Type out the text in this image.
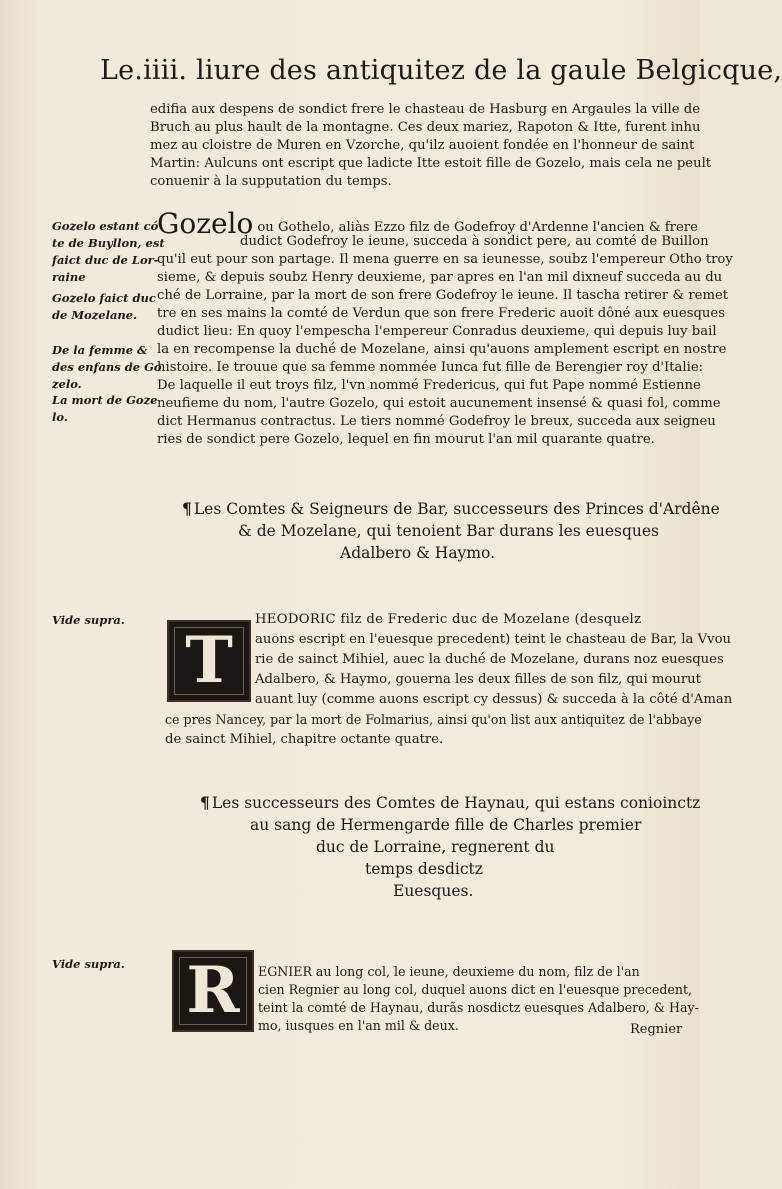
Le.iiii. liure des antiquitez de la gaule Belgicque,
edifia aux despens de sondict frere le chasteau de Hasburg en Argaules la ville de
Bruch au plus hault de la montagne. Ces deux mariez, Rapoton & Itte, furent inhu
mez au cloistre de Muren en Vzorche, qu'ilz auoient fondée en l'honneur de saint
Martin: Aulcuns ont escript que ladicte Itte estoit fille de Gozelo, mais cela ne peult
conuenir à la supputation du temps.
Gozelo estant có
te de Buyllon, est
faict duc de Lor-
raine
Gozelo faict duc
de Mozelane.
De la femme &
des enfans de Go
zelo.
La mort de Goze
lo.
Gozelo ou Gothelo, aliàs Ezzo filz de Godefroy d'Ardenne l'ancien & frere
dudict Godefroy le ieune, succeda à sondict pere, au comté de Buillon
qu'il eut pour son partage. Il mena guerre en sa ieunesse, soubz l'empereur Otho troy
sieme, & depuis soubz Henry deuxieme, par apres en l'an mil dixneuf succeda au du
ché de Lorraine, par la mort de son frere Godefroy le ieune. Il tascha retirer & remet
tre en ses mains la comté de Verdun que son frere Frederic auoit dôné aux euesques
dudict lieu: En quoy l'empescha l'empereur Conradus deuxieme, qui depuis luy bail
la en recompense la duché de Mozelane, ainsi qu'auons amplement escript en nostre
histoire. Ie trouue que sa femme nommée Iunca fut fille de Berengier roy d'Italie:
De laquelle il eut troys filz, l'vn nommé Fredericus, qui fut Pape nommé Estienne
neufieme du nom, l'autre Gozelo, qui estoit aucunement insensé & quasi fol, comme
dict Hermanus contractus. Le tiers nommé Godefroy le breux, succeda aux seigneu
ries de sondict pere Gozelo, lequel en fin mourut l'an mil quarante quatre.
¶ Les Comtes & Seigneurs de Bar, successeurs des Princes d'Ardêne
& de Mozelane, qui tenoient Bar durans les euesques
Adalbero & Haymo.
Vide supra.
T
HEODORIC filz de Frederic duc de Mozelane (desquelz
auons escript en l'euesque precedent) teint le chasteau de Bar, la Vvou
rie de sainct Mihiel, auec la duché de Mozelane, durans noz euesques
Adalbero, & Haymo, gouerna les deux filles de son filz, qui mourut
auant luy (comme auons escript cy dessus) & succeda à la côté d'Aman
ce pres Nancey, par la mort de Folmarius, ainsi qu'on list aux antiquitez de l'abbaye
de sainct Mihiel, chapitre octante quatre.
¶ Les successeurs des Comtes de Haynau, qui estans conioinctz
au sang de Hermengarde fille de Charles premier
duc de Lorraine, regnerent du
temps desdictz
Euesques.
Vide supra. R	EGNIER au long col, le ieune, deuxieme du nom, filz de l'an
cien Regnier au long col, duquel auons dict en l'euesque precedent,
teint la comté de Haynau, durãs nosdictz euesques Adalbero, & Hay-
mo, iusques en l'an mil & deux.	Regnier
